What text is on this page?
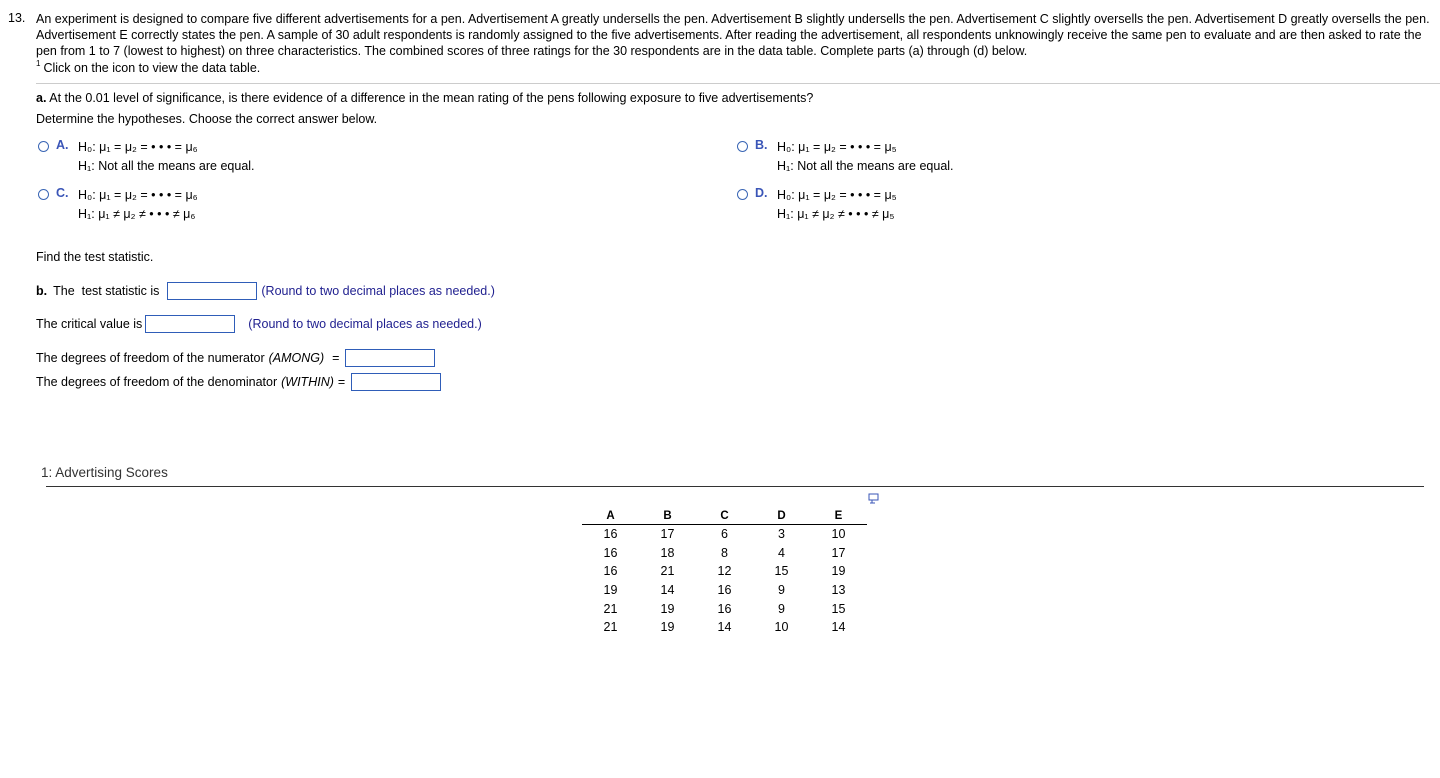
13. An experiment is designed to compare five different advertisements for a pen. Advertisement A greatly undersells the pen. Advertisement B slightly undersells the pen. Advertisement C slightly oversells the pen. Advertisement D greatly oversells the pen. Advertisement E correctly states the pen. A sample of 30 adult respondents is randomly assigned to the five advertisements. After reading the advertisement, all respondents unknowingly receive the same pen to evaluate and are then asked to rate the pen from 1 to 7 (lowest to highest) on three characteristics. The combined scores of three ratings for the 30 respondents are in the data table. Complete parts (a) through (d) below.
$^1$ Click on the icon to view the data table.
a. At the 0.01 level of significance, is there evidence of a difference in the mean rating of the pens following exposure to five advertisements?
Determine the hypotheses. Choose the correct answer below.
A. H₀: μ₁ = μ₂ = • • • = μ₆
H₁: Not all the means are equal.
B. H₀: μ₁ = μ₂ = • • • = μ₅
H₁: Not all the means are equal.
C. H₀: μ₁ = μ₂ = • • • = μ₆
H₁: μ₁ ≠ μ₂ ≠ • • • ≠ μ₆
D. H₀: μ₁ = μ₂ = • • • = μ₅
H₁: μ₁ ≠ μ₂ ≠ • • • ≠ μ₅
Find the test statistic.
b. The  test statistic is	(Round to two decimal places as needed.)
The critical value is	(Round to two decimal places as needed.)
The degrees of freedom of the numerator (AMONG) =
The degrees of freedom of the denominator (WITHIN) =
1: Advertising Scores
A	B	C	D	E
16	17	6	3	10
16	18	8	4	17
16	21	12	15	19
19	14	16	9	13
21	19	16	9	15
21	19	14	10	14
